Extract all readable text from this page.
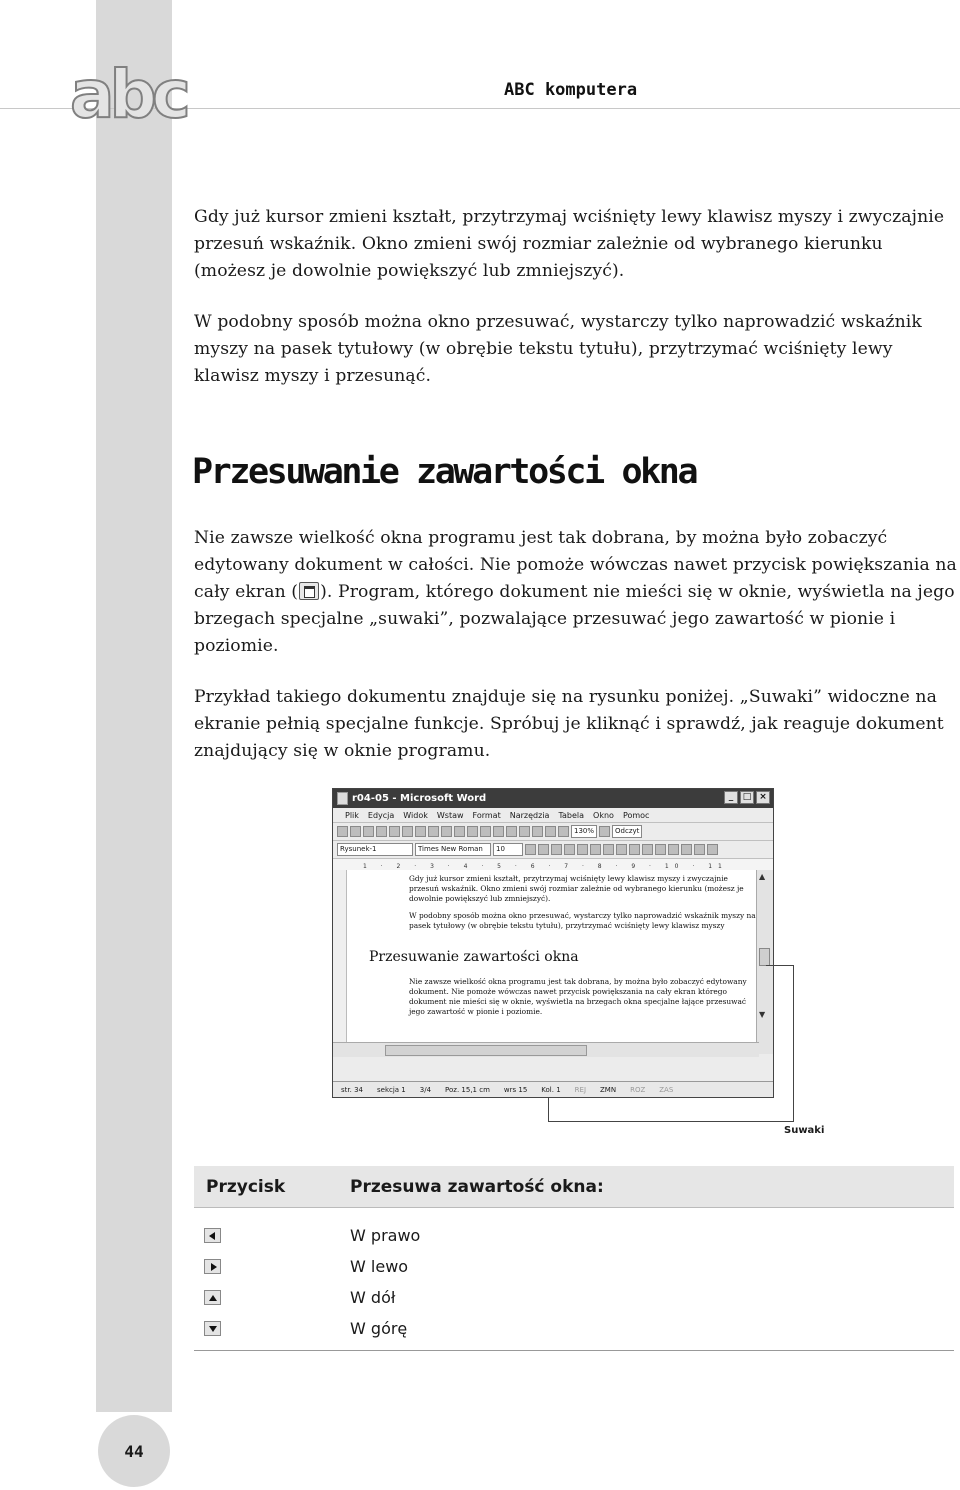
abc	ABC komputera

Gdy już kursor zmieni kształt, przytrzymaj wciśnięty lewy klawisz myszy i zwyczajnie przesuń wskaźnik. Okno zmieni swój rozmiar zależnie od wybranego kierunku (możesz je dowolnie powiększyć lub zmniejszyć).

W podobny sposób można okno przesuwać, wystarczy tylko naprowadzić wskaźnik myszy na pasek tytułowy (w obrębie tekstu tytułu), przytrzymać wciśnięty lewy klawisz myszy i przesunąć.

Przesuwanie zawartości okna

Nie zawsze wielkość okna programu jest tak dobrana, by można było zobaczyć edytowany dokument w całości. Nie pomoże wówczas nawet przycisk powiększania na cały ekran ( ). Program, którego dokument nie mieści się w oknie, wyświetla na jego brzegach specjalne „suwaki”, pozwalające przesuwać jego zawartość w pionie i poziomie.

Przykład takiego dokumentu znajduje się na rysunku poniżej. „Suwaki” widoczne na ekranie pełnią specjalne funkcje. Spróbuj je kliknąć i sprawdź, jak reaguje dokument znajdujący się w oknie programu.

r04-05 - Microsoft Word	_	□ ×
Plik Edycja Widok Wstaw Format Narzędzia Tabela Okno Pomoc
130%	Odczyt
Rysunek-1	Times New Roman	10
1 · 2 · 3 · 4 · 5 · 6 · 7 · 8 · 9 · 10 · 11

Gdy już kursor zmieni kształt, przytrzymaj wciśnięty lewy klawisz myszy i zwyczajnie przesuń wskaźnik. Okno zmieni swój rozmiar zależnie od wybranego kierunku (możesz je dowolnie powiększyć lub zmniejszyć).

W podobny sposób można okno przesuwać, wystarczy tylko naprowadzić wskaźnik myszy na pasek tytułowy (w obrębie tekstu tytułu), przytrzymać wciśnięty lewy klawisz myszy

Przesuwanie zawartości okna

Nie zawsze wielkość okna programu jest tak dobrana, by można było zobaczyć edytowany dokument. Nie pomoże wówczas nawet przycisk powiększania na cały ekran którego dokument nie mieści się w oknie, wyświetla na brzegach okna specjalne łające przesuwać jego zawartość w pionie i poziomie.

▲
▼
str. 34 sekcja 1 3/4 Poz. 15,1 cm wrs 15 Kol. 1 REJ ZMN ROZ ZAS
Suwaki
Przycisk	Przesuwa zawartość okna:
W prawo
W lewo
W dół
W górę
44
